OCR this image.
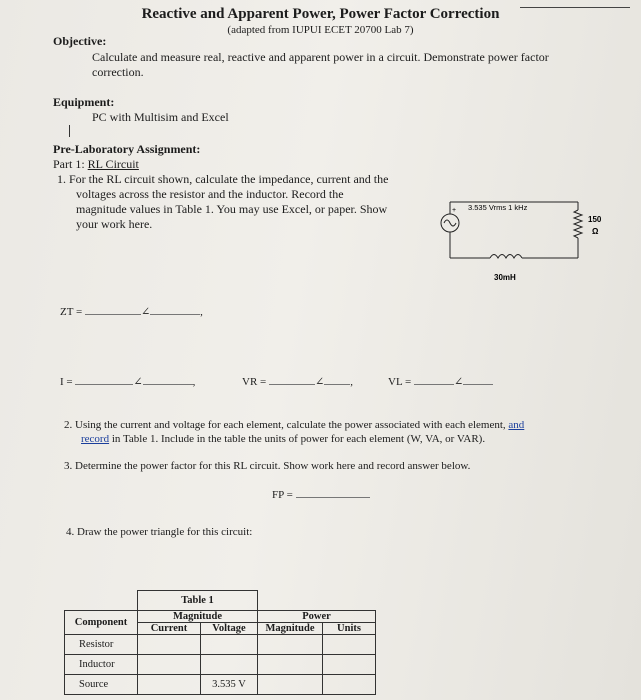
Reactive and Apparent Power, Power Factor Correction
(adapted from IUPUI ECET 20700 Lab 7)
Objective:
Calculate and measure real, reactive and apparent power in a circuit. Demonstrate power factor
correction.
Equipment:
PC with Multisim and Excel
Pre-Laboratory Assignment:
Part 1: RL Circuit
1. For the RL circuit shown, calculate the impedance, current and the
voltages across the resistor and the inductor. Record the
magnitude values in Table 1. You may use Excel, or paper. Show
your work here.
+ 3.535 Vrms 1 kHz
150
Ω
30mH
ZT =	∠	,
I =	∠	,	VR =	∠ ,	VL =	∠
2. Using the current and voltage for each element, calculate the power associated with each element, and
record in Table 1. Include in the table the units of power for each element (W, VA, or VAR).
3. Determine the power factor for this RL circuit. Show work here and record answer below.
FP =
4. Draw the power triangle for this circuit:
	Table 1			
Component	Magnitude		Power	
	Current	Voltage	Magnitude	Units
Resistor				
Inductor				
Source		3.535 V		
